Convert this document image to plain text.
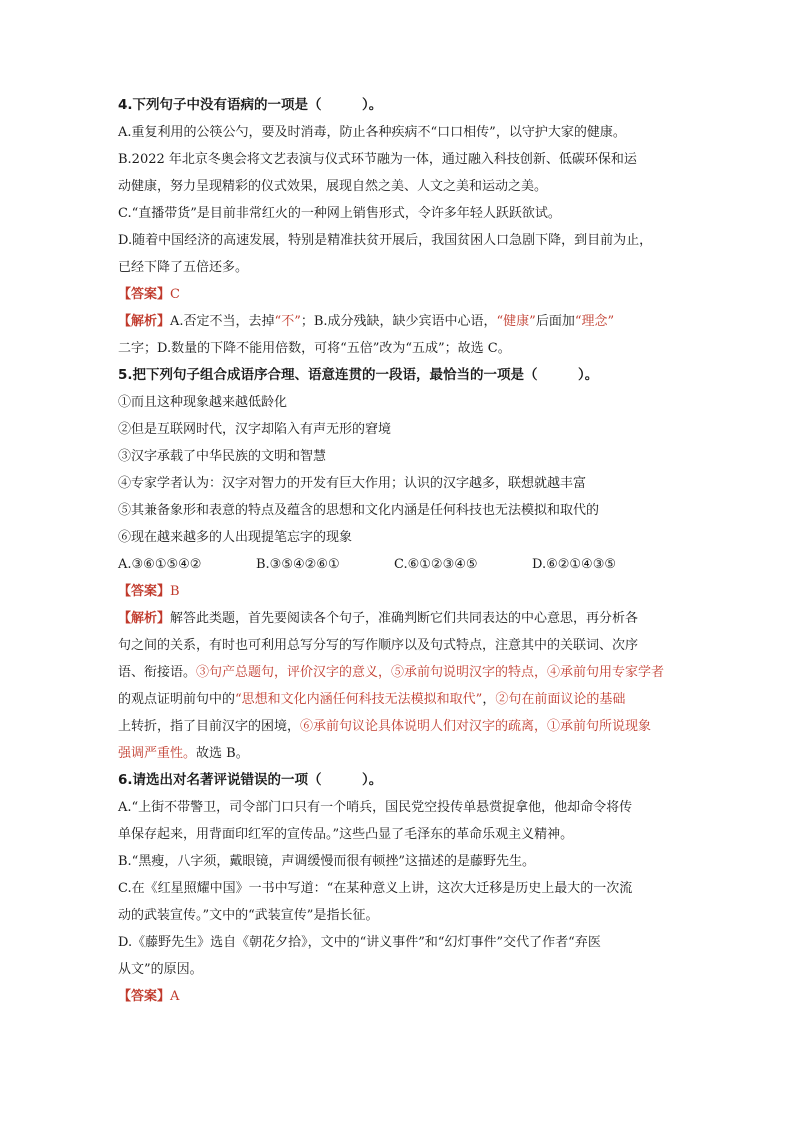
4.下列句子中没有语病的一项是（　　　）。
A.重复利用的公筷公勺，要及时消毒，防止各种疾病不“口口相传”，以守护大家的健康。
B.2022 年北京冬奥会将文艺表演与仪式环节融为一体，通过融入科技创新、低碳环保和运
动健康，努力呈现精彩的仪式效果，展现自然之美、人文之美和运动之美。
C.“直播带货”是目前非常红火的一种网上销售形式，令许多年轻人跃跃欲试。
D.随着中国经济的高速发展，特别是精准扶贫开展后，我国贫困人口急剧下降，到目前为止，
已经下降了五倍还多。
【答案】C
【解析】A.否定不当，去掉“不”；B.成分残缺，缺少宾语中心语，“健康”后面加“理念”
二字；D.数量的下降不能用倍数，可将“五倍”改为“五成”；故选 C。
5.把下列句子组合成语序合理、语意连贯的一段语，最恰当的一项是（　　　）。
①而且这种现象越来越低龄化
②但是互联网时代，汉字却陷入有声无形的窘境
③汉字承载了中华民族的文明和智慧
④专家学者认为：汉字对智力的开发有巨大作用；认识的汉字越多，联想就越丰富
⑤其兼备象形和表意的特点及蕴含的思想和文化内涵是任何科技也无法模拟和取代的
⑥现在越来越多的人出现提笔忘字的现象
A.③⑥①⑤④②	B.③⑤④②⑥①	C.⑥①②③④⑤	D.⑥②①④③⑤
【答案】B
【解析】解答此类题，首先要阅读各个句子，准确判断它们共同表达的中心意思，再分析各
句之间的关系，有时也可利用总写分写的写作顺序以及句式特点，注意其中的关联词、次序
语、衔接语。③句产总题句，评价汉字的意义，⑤承前句说明汉字的特点，④承前句用专家学者
的观点证明前句中的“思想和文化内涵任何科技无法模拟和取代”，②句在前面议论的基础
上转折，指了目前汉字的困境，⑥承前句议论具体说明人们对汉字的疏离，①承前句所说现象
强调严重性。故选 B。
6.请选出对名著评说错误的一项（　　　）。
A.“上街不带警卫，司令部门口只有一个哨兵，国民党空投传单悬赏捉拿他，他却命令将传
单保存起来，用背面印红军的宣传品。”这些凸显了毛泽东的革命乐观主义精神。
B.“黑瘦，八字须，戴眼镜，声调缓慢而很有顿挫”这描述的是藤野先生。
C.在《红星照耀中国》一书中写道：“在某种意义上讲，这次大迁移是历史上最大的一次流
动的武装宣传。”文中的“武装宣传”是指长征。
D.《藤野先生》选自《朝花夕拾》，文中的“讲义事件”和“幻灯事件”交代了作者“弃医
从文”的原因。
【答案】A
